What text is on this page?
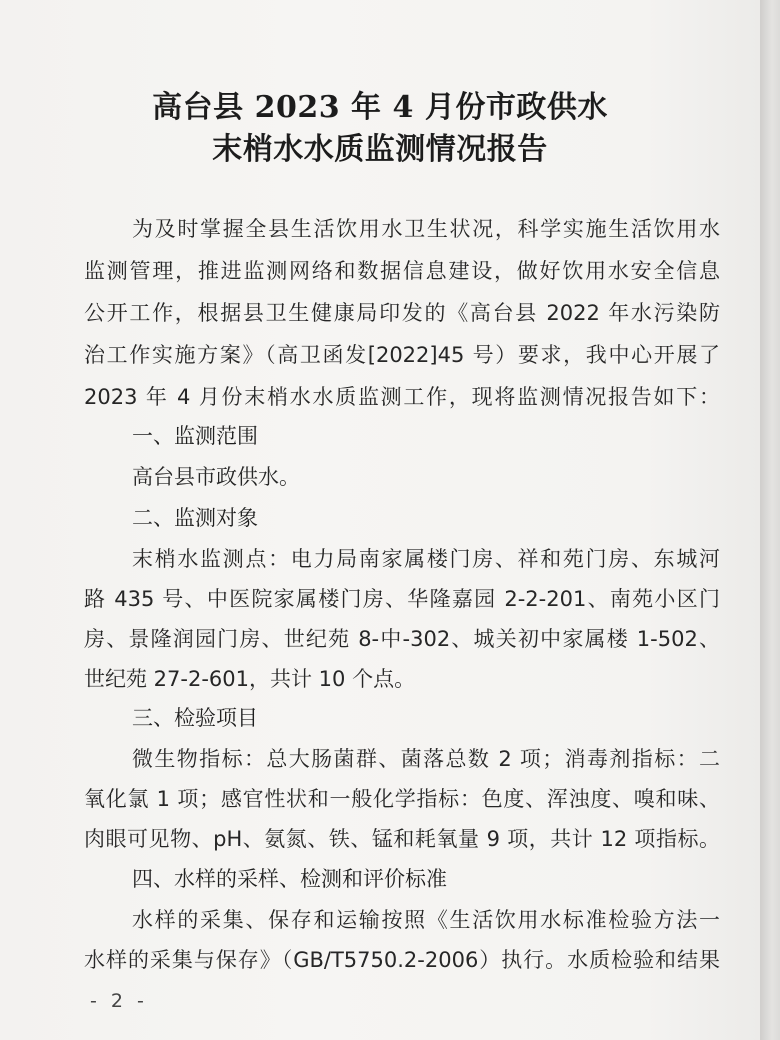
高台县 2023 年 4 月份市政供水
末梢水水质监测情况报告

为及时掌握全县生活饮用水卫生状况，科学实施生活饮用水

监测管理，推进监测网络和数据信息建设，做好饮用水安全信息

公开工作，根据县卫生健康局印发的《高台县 2022 年水污染防

治工作实施方案》（高卫函发[2022]45 号）要求，我中心开展了

2023 年 4 月份末梢水水质监测工作，现将监测情况报告如下：

一、监测范围

高台县市政供水。

二、监测对象

末梢水监测点：电力局南家属楼门房、祥和苑门房、东城河

路 435 号、中医院家属楼门房、华隆嘉园 2-2-201、南苑小区门

房、景隆润园门房、世纪苑 8-中-302、城关初中家属楼 1-502、

世纪苑 27-2-601，共计 10 个点。

三、检验项目

微生物指标：总大肠菌群、菌落总数 2 项；消毒剂指标：二

氧化氯 1 项；感官性状和一般化学指标：色度、浑浊度、嗅和味、

肉眼可见物、pH、氨氮、铁、锰和耗氧量 9 项，共计 12 项指标。

四、水样的采样、检测和评价标准

水样的采集、保存和运输按照《生活饮用水标准检验方法一

水样的采集与保存》（GB/T5750.2-2006）执行。水质检验和结果

- 2 -
